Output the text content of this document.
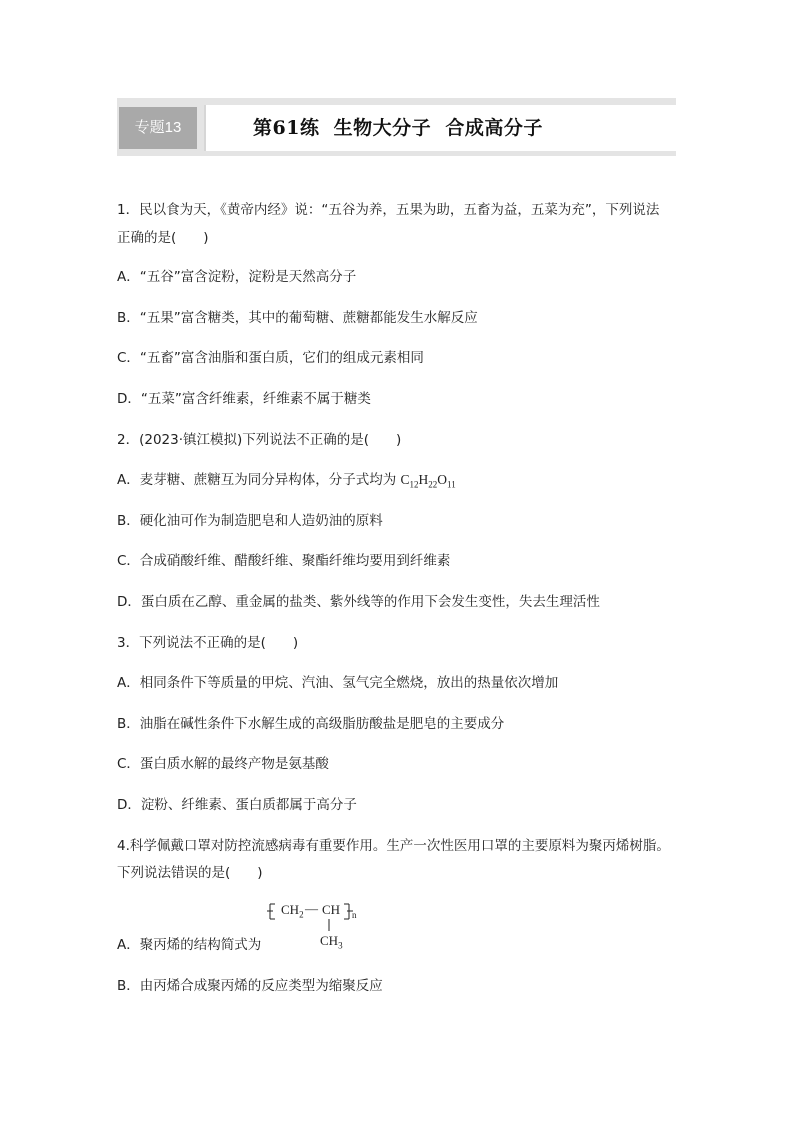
专题13	第61练  生物大分子  合成高分子
1．民以食为天，《黄帝内经》说：“五谷为养，五果为助，五畜为益，五菜为充”，下列说法
正确的是(　　)
A．“五谷”富含淀粉，淀粉是天然高分子
B．“五果”富含糖类，其中的葡萄糖、蔗糖都能发生水解反应
C．“五畜”富含油脂和蛋白质，它们的组成元素相同
D．“五菜”富含纤维素，纤维素不属于糖类
2．(2023·镇江模拟)下列说法不正确的是(　　)
A．麦芽糖、蔗糖互为同分异构体，分子式均为 $C_{12}H_{22}O_{11}$
B．硬化油可作为制造肥皂和人造奶油的原料
C．合成硝酸纤维、醋酸纤维、聚酯纤维均要用到纤维素
D．蛋白质在乙醇、重金属的盐类、紫外线等的作用下会发生变性，失去生理活性
3．下列说法不正确的是(　　)
A．相同条件下等质量的甲烷、汽油、氢气完全燃烧，放出的热量依次增加
B．油脂在碱性条件下水解生成的高级脂肪酸盐是肥皂的主要成分
C．蛋白质水解的最终产物是氨基酸
D．淀粉、纤维素、蛋白质都属于高分子
4.科学佩戴口罩对防控流感病毒有重要作用。生产一次性医用口罩的主要原料为聚丙烯树脂。
下列说法错误的是(　　)
$CH_2$ — CH n
$CH_3$
A．聚丙烯的结构简式为
B．由丙烯合成聚丙烯的反应类型为缩聚反应
